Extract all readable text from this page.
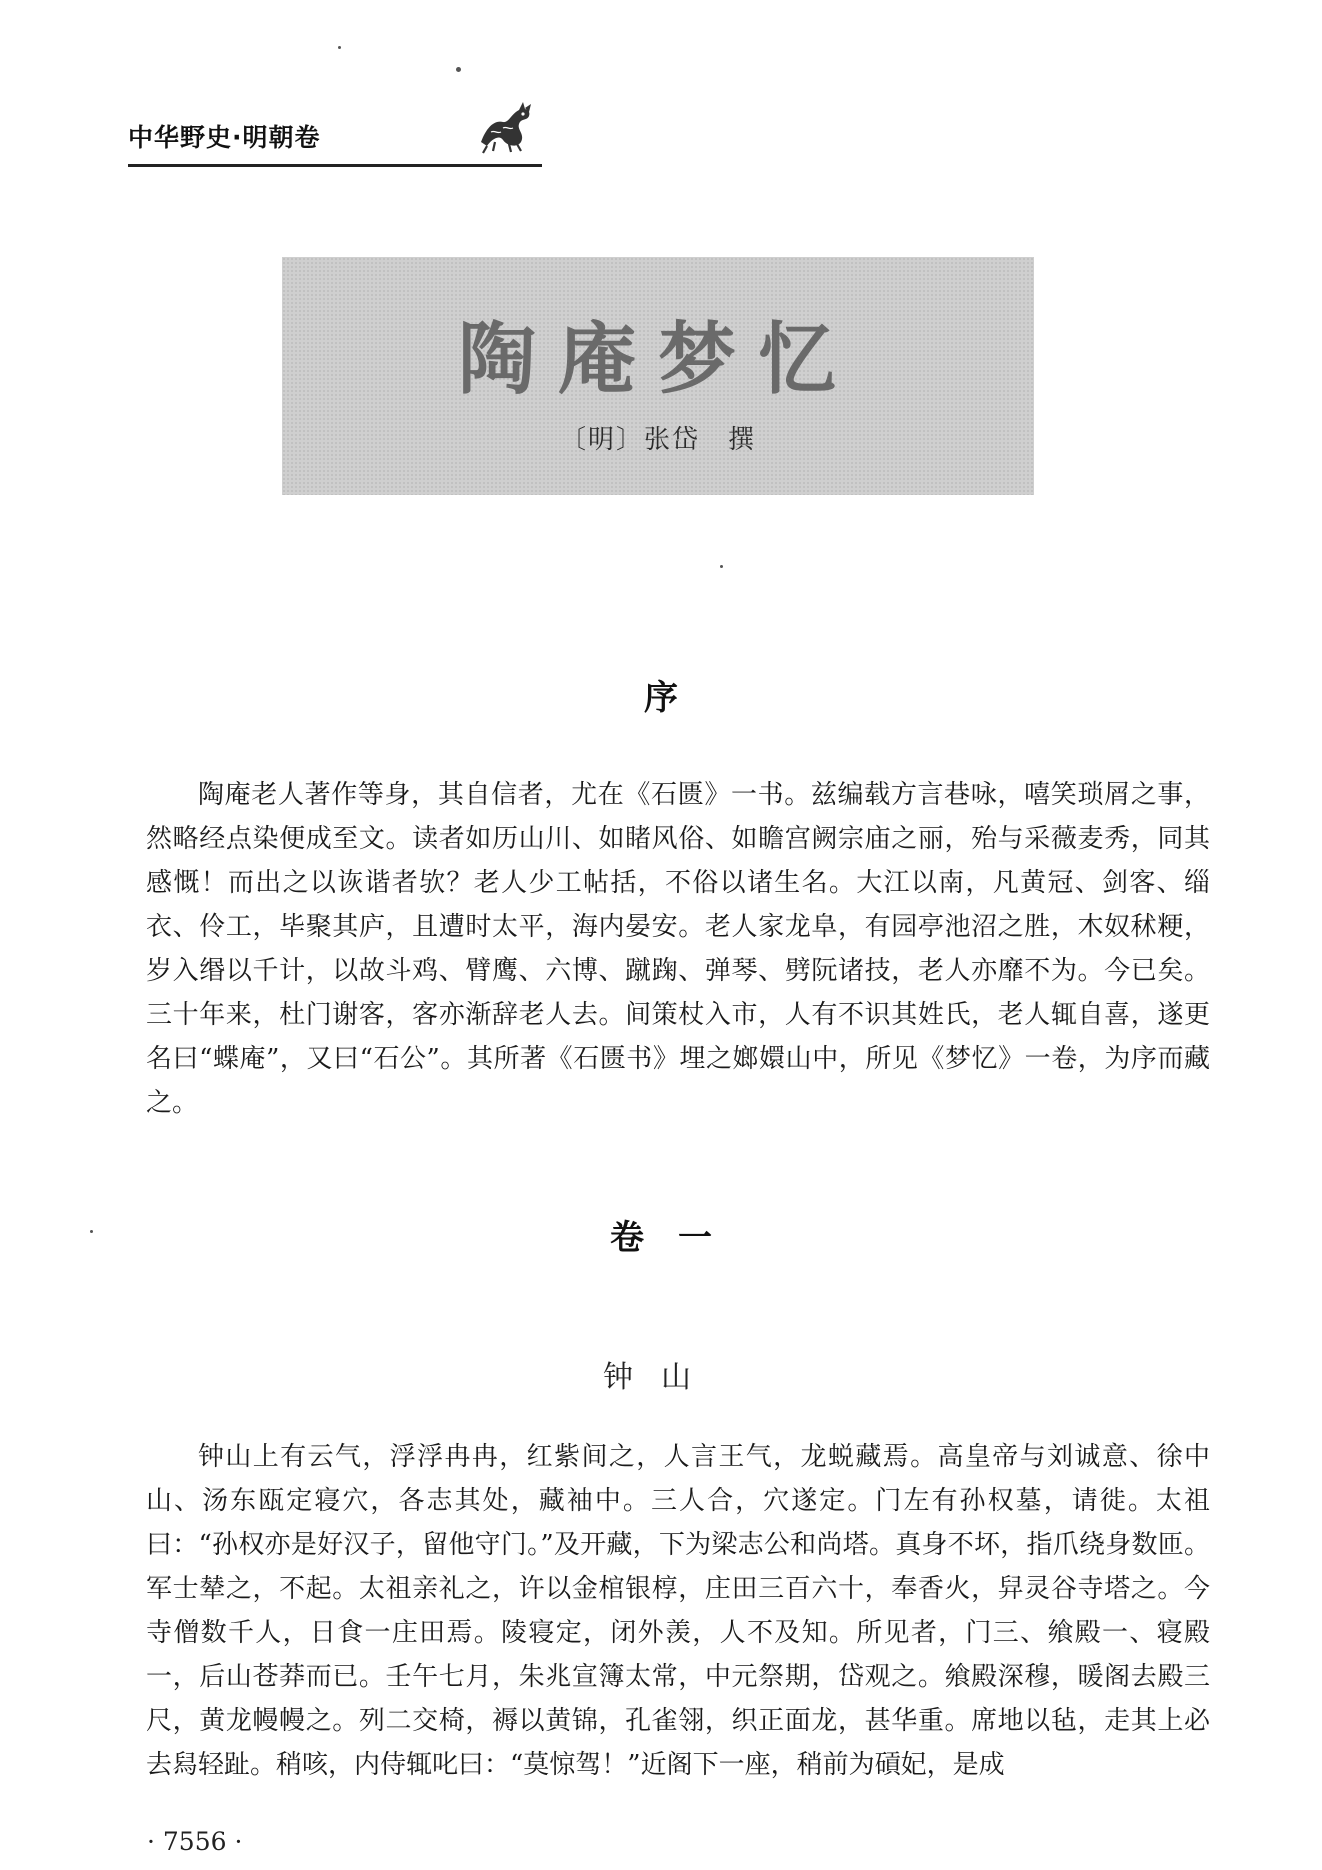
中华野史·明朝卷
陶庵梦忆
〔明〕张岱　撰
序

陶庵老人著作等身，其自信者，尤在《石匮》一书。兹编载方言巷咏，嘻笑琐屑之事，然略经点染便成至文。读者如历山川、如睹风俗、如瞻宫阙宗庙之丽，殆与采薇麦秀，同其感慨！而出之以诙谐者欤？老人少工帖括，不俗以诸生名。大江以南，凡黄冠、剑客、缁衣、伶工，毕聚其庐，且遭时太平，海内晏安。老人家龙阜，有园亭池沼之胜，木奴秫粳，岁入缗以千计，以故斗鸡、臂鹰、六博、蹴踘、弹琴、劈阮诸技，老人亦靡不为。今已矣。三十年来，杜门谢客，客亦渐辞老人去。间策杖入市，人有不识其姓氏，老人辄自喜，遂更名曰“蝶庵”，又曰“石公”。其所著《石匮书》埋之嫏嬛山中，所见《梦忆》一卷，为序而藏之。

卷　一
钟山

钟山上有云气，浮浮冉冉，红紫间之，人言王气，龙蜕藏焉。高皇帝与刘诚意、徐中山、汤东瓯定寝穴，各志其处，藏袖中。三人合，穴遂定。门左有孙权墓，请徙。太祖曰：“孙权亦是好汉子，留他守门。”及开藏，下为梁志公和尚塔。真身不坏，指爪绕身数匝。军士辇之，不起。太祖亲礼之，许以金棺银椁，庄田三百六十，奉香火，舁灵谷寺塔之。今寺僧数千人，日食一庄田焉。陵寝定，闭外羡，人不及知。所见者，门三、飨殿一、寝殿一，后山苍莽而已。壬午七月，朱兆宣簿太常，中元祭期，岱观之。飨殿深穆，暖阁去殿三尺，黄龙幔幔之。列二交椅，褥以黄锦，孔雀翎，织正面龙，甚华重。席地以毡，走其上必去舄轻趾。稍咳，内侍辄叱曰：“莫惊驾！”近阁下一座，稍前为碽妃，是成

· 7556 ·
